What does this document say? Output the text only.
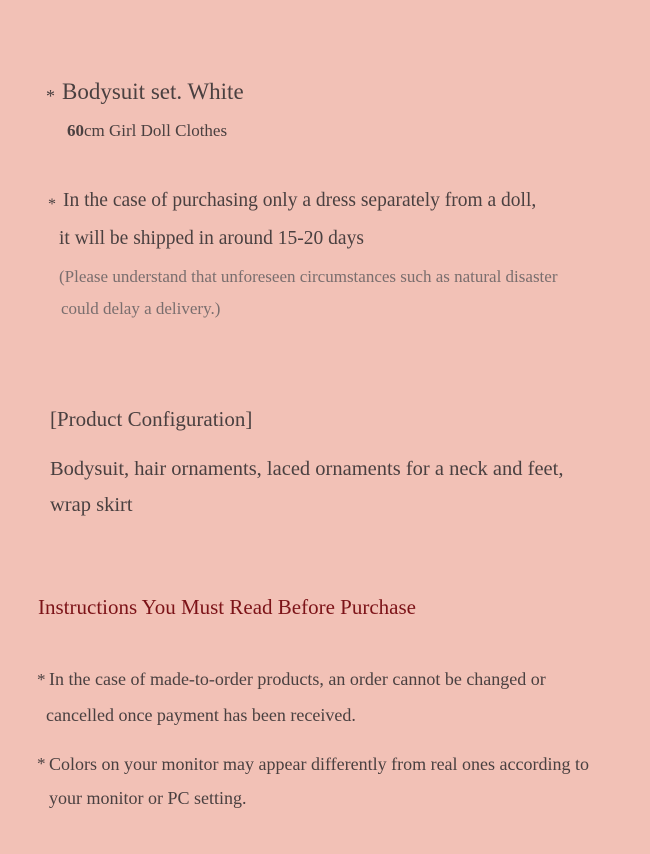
* Bodysuit set. White
60cm Girl Doll Clothes
* In the case of purchasing only a dress separately from a doll,
it will be shipped in around 15-20 days
(Please understand that unforeseen circumstances such as natural disaster
could delay a delivery.)
[Product Configuration]
Bodysuit, hair ornaments, laced ornaments for a neck and feet,
wrap skirt
Instructions You Must Read Before Purchase
* In the case of made-to-order products, an order cannot be changed or
cancelled once payment has been received.
* Colors on your monitor may appear differently from real ones according to
your monitor or PC setting.
